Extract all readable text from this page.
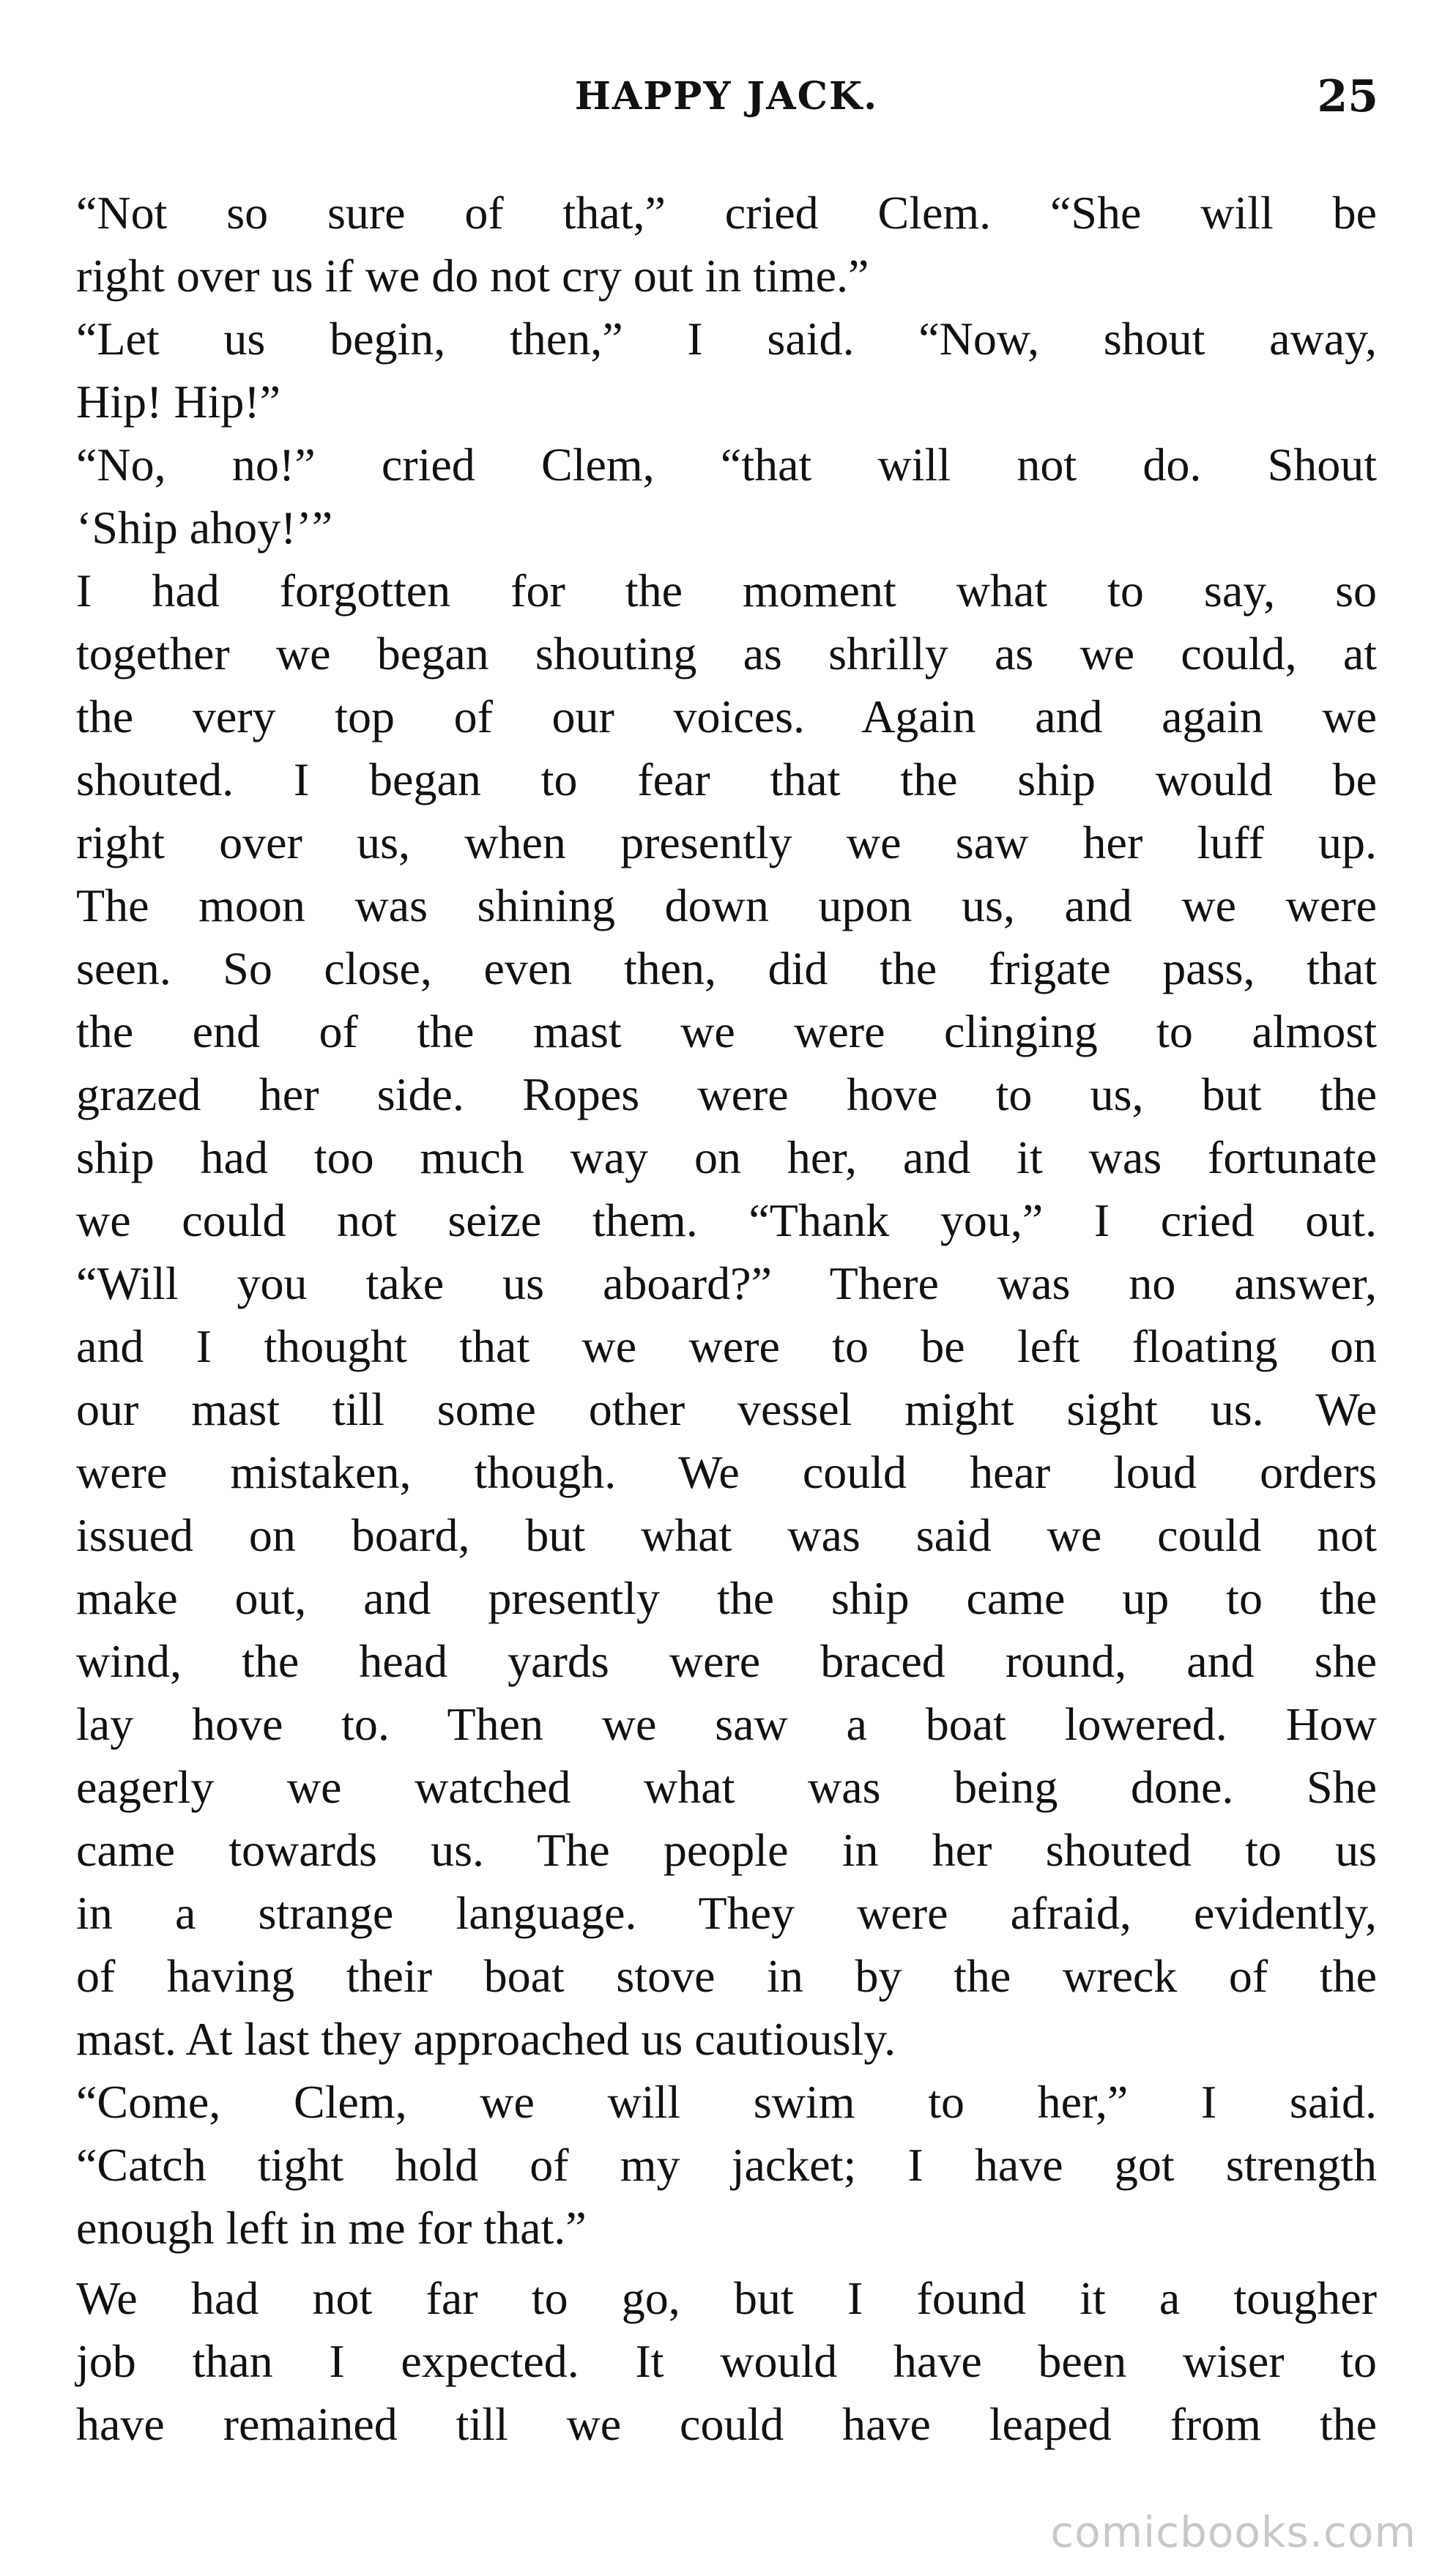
HAPPY JACK.	25
“Not so sure of that,” cried Clem. “She will be
right over us if we do not cry out in time.”
“Let us begin, then,” I said. “Now, shout away,
Hip! Hip!”
“No, no!” cried Clem, “that will not do. Shout
‘Ship ahoy!’”
I had forgotten for the moment what to say, so
together we began shouting as shrilly as we could, at
the very top of our voices. Again and again we
shouted. I began to fear that the ship would be
right over us, when presently we saw her luff up.
The moon was shining down upon us, and we were
seen. So close, even then, did the frigate pass, that
the end of the mast we were clinging to almost
grazed her side. Ropes were hove to us, but the
ship had too much way on her, and it was fortunate
we could not seize them. “Thank you,” I cried out.
“Will you take us aboard?” There was no answer,
and I thought that we were to be left floating on
our mast till some other vessel might sight us. We
were mistaken, though. We could hear loud orders
issued on board, but what was said we could not
make out, and presently the ship came up to the
wind, the head yards were braced round, and she
lay hove to. Then we saw a boat lowered. How
eagerly we watched what was being done. She
came towards us. The people in her shouted to us
in a strange language. They were afraid, evidently,
of having their boat stove in by the wreck of the
mast. At last they approached us cautiously.
“Come, Clem, we will swim to her,” I said.
“Catch tight hold of my jacket; I have got strength
enough left in me for that.”
We had not far to go, but I found it a tougher
job than I expected. It would have been wiser to
have remained till we could have leaped from the
comicbooks.com
